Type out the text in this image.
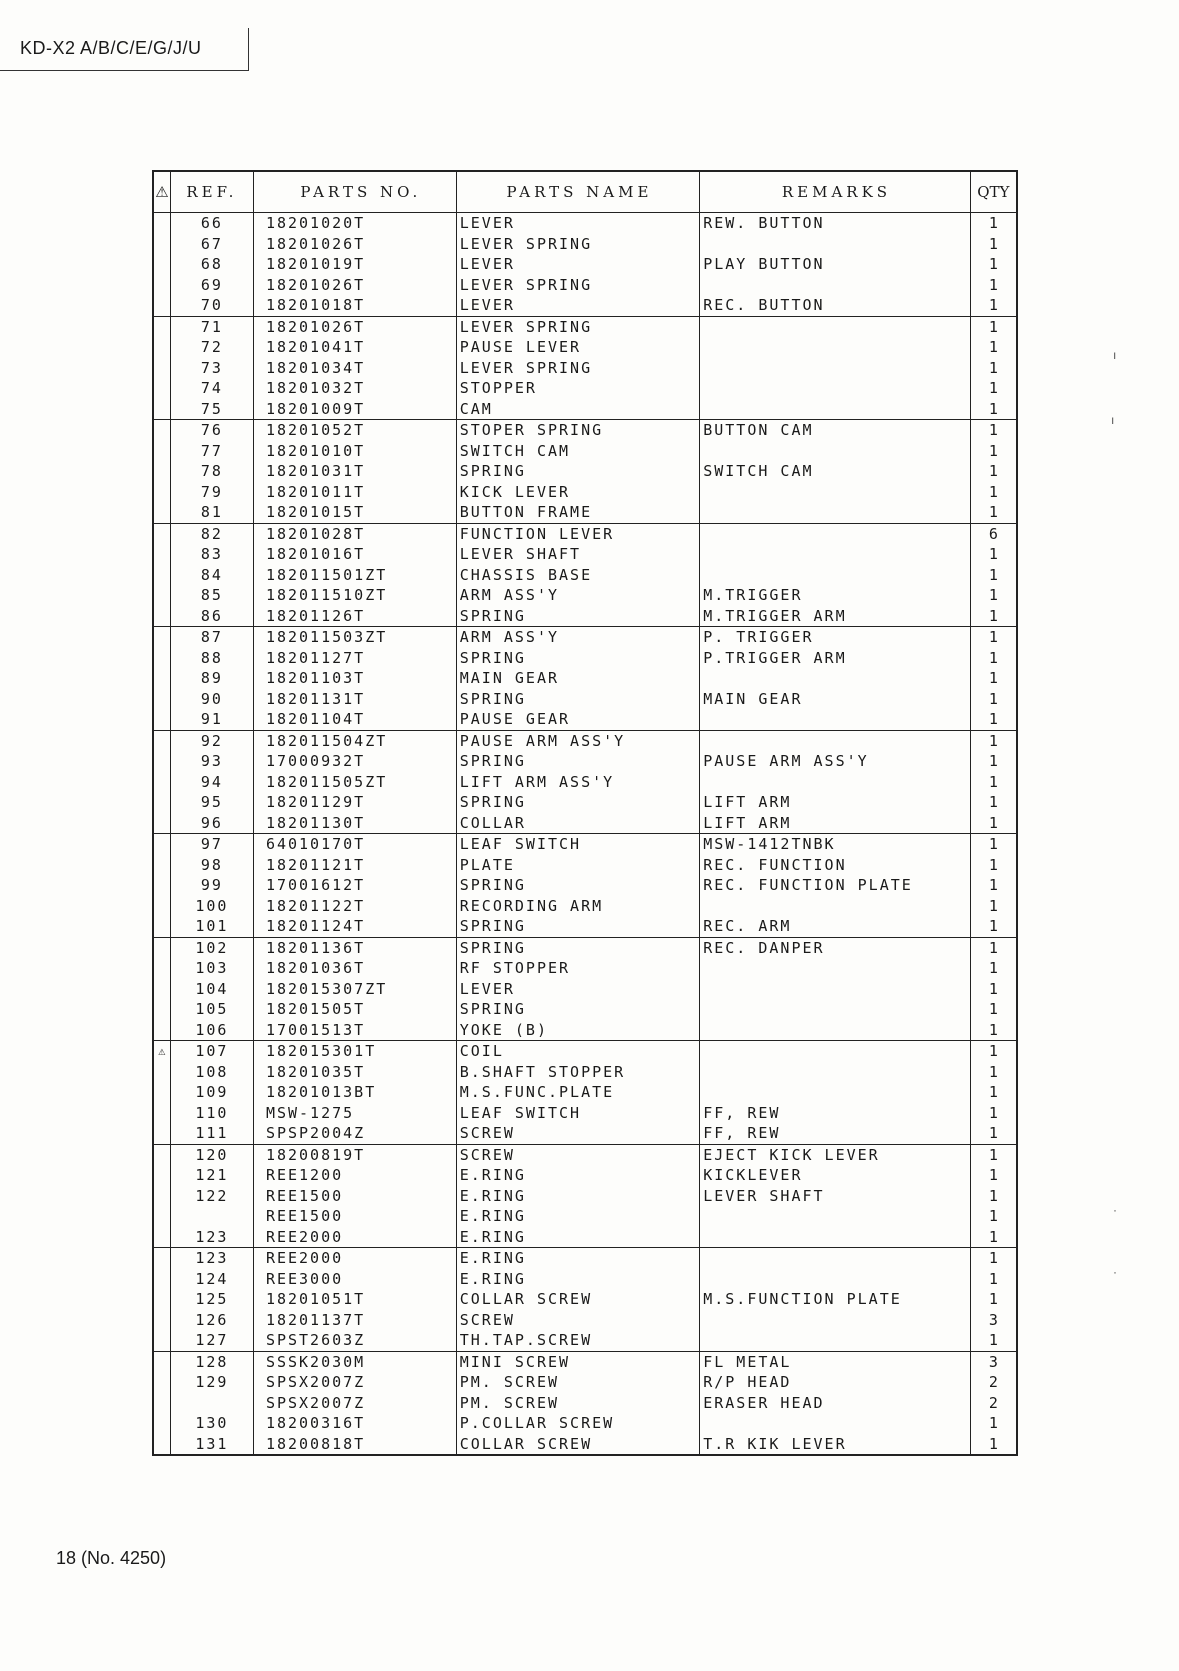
KD-X2 A/B/C/E/G/J/U
⚠	REF.	PARTS NO.	PARTS NAME	REMARKS	QTY
	66	18201020T	LEVER	REW. BUTTON	1
	67	18201026T	LEVER SPRING		1
	68	18201019T	LEVER	PLAY BUTTON	1
	69	18201026T	LEVER SPRING		1
	70	18201018T	LEVER	REC. BUTTON	1
	71	18201026T	LEVER SPRING		1
	72	18201041T	PAUSE LEVER		1
	73	18201034T	LEVER SPRING		1
	74	18201032T	STOPPER		1
	75	18201009T	CAM		1
	76	18201052T	STOPER SPRING	BUTTON CAM	1
	77	18201010T	SWITCH CAM		1
	78	18201031T	SPRING	SWITCH CAM	1
	79	18201011T	KICK LEVER		1
	81	18201015T	BUTTON FRAME		1
	82	18201028T	FUNCTION LEVER		6
	83	18201016T	LEVER SHAFT		1
	84	182011501ZT	CHASSIS BASE		1
	85	182011510ZT	ARM ASS'Y	M.TRIGGER	1
	86	18201126T	SPRING	M.TRIGGER ARM	1
	87	182011503ZT	ARM ASS'Y	P. TRIGGER	1
	88	18201127T	SPRING	P.TRIGGER ARM	1
	89	18201103T	MAIN GEAR		1
	90	18201131T	SPRING	MAIN GEAR	1
	91	18201104T	PAUSE GEAR		1
	92	182011504ZT	PAUSE ARM ASS'Y		1
	93	17000932T	SPRING	PAUSE ARM ASS'Y	1
	94	182011505ZT	LIFT ARM ASS'Y		1
	95	18201129T	SPRING	LIFT ARM	1
	96	18201130T	COLLAR	LIFT ARM	1
	97	64010170T	LEAF SWITCH	MSW-1412TNBK	1
	98	18201121T	PLATE	REC. FUNCTION	1
	99	17001612T	SPRING	REC. FUNCTION PLATE	1
	100	18201122T	RECORDING ARM		1
	101	18201124T	SPRING	REC. ARM	1
	102	18201136T	SPRING	REC. DANPER	1
	103	18201036T	RF STOPPER		1
	104	182015307ZT	LEVER		1
	105	18201505T	SPRING		1
	106	17001513T	YOKE (B)		1
⚠	107	182015301T	COIL		1
	108	18201035T	B.SHAFT STOPPER		1
	109	18201013BT	M.S.FUNC.PLATE		1
	110	MSW-1275	LEAF SWITCH	FF, REW	1
	111	SPSP2004Z	SCREW	FF, REW	1
	120	18200819T	SCREW	EJECT KICK LEVER	1
	121	REE1200	E.RING	KICKLEVER	1
	122	REE1500	E.RING	LEVER SHAFT	1
		REE1500	E.RING		1
	123	REE2000	E.RING		1
	123	REE2000	E.RING		1
	124	REE3000	E.RING		1
	125	18201051T	COLLAR SCREW	M.S.FUNCTION PLATE	1
	126	18201137T	SCREW		3
	127	SPST2603Z	TH.TAP.SCREW		1
	128	SSSK2030M	MINI SCREW	FL METAL	3
	129	SPSX2007Z	PM. SCREW	R/P HEAD	2
		SPSX2007Z	PM. SCREW	ERASER HEAD	2
	130	18200316T	P.COLLAR SCREW		1
	131	18200818T	COLLAR SCREW	T.R KIK LEVER	1
18 (No. 4250)
ı
ı
·
·
